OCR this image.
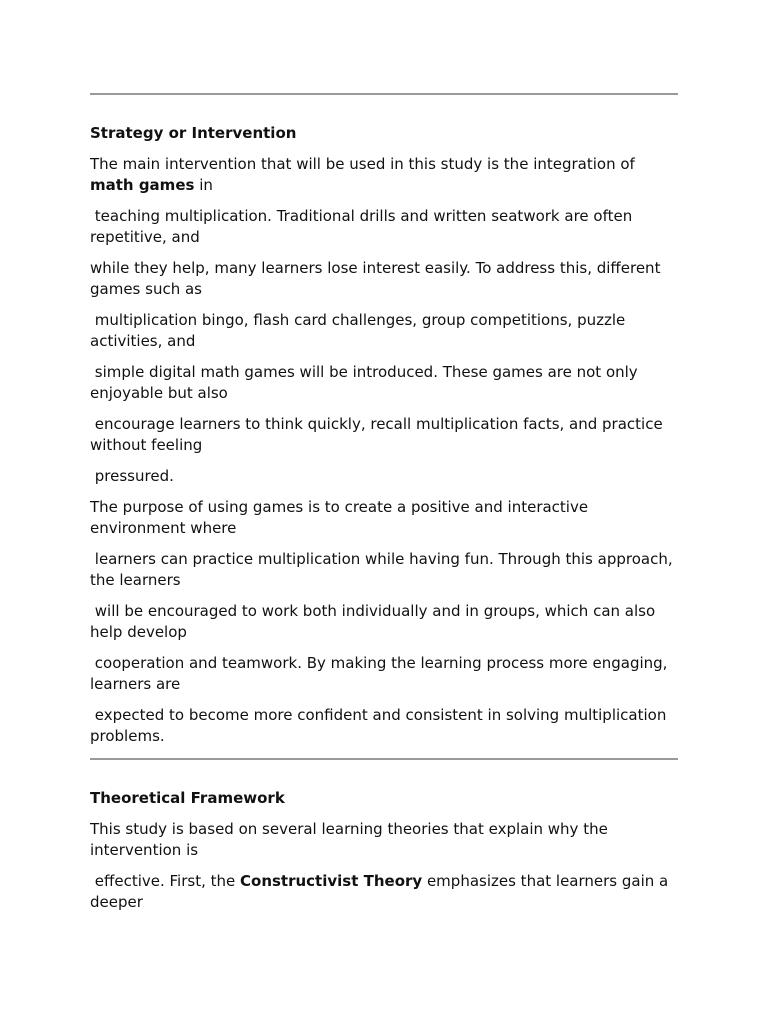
Strategy or Intervention

The main intervention that will be used in this study is the integration of math games in

teaching multiplication. Traditional drills and written seatwork are often repetitive, and

while they help, many learners lose interest easily. To address this, different games such as

multiplication bingo, flash card challenges, group competitions, puzzle activities, and

simple digital math games will be introduced. These games are not only enjoyable but also

encourage learners to think quickly, recall multiplication facts, and practice without feeling

pressured.

The purpose of using games is to create a positive and interactive environment where

learners can practice multiplication while having fun. Through this approach, the learners

will be encouraged to work both individually and in groups, which can also help develop

cooperation and teamwork. By making the learning process more engaging, learners are

expected to become more confident and consistent in solving multiplication problems.

Theoretical Framework

This study is based on several learning theories that explain why the intervention is

effective. First, the Constructivist Theory emphasizes that learners gain a deeper
